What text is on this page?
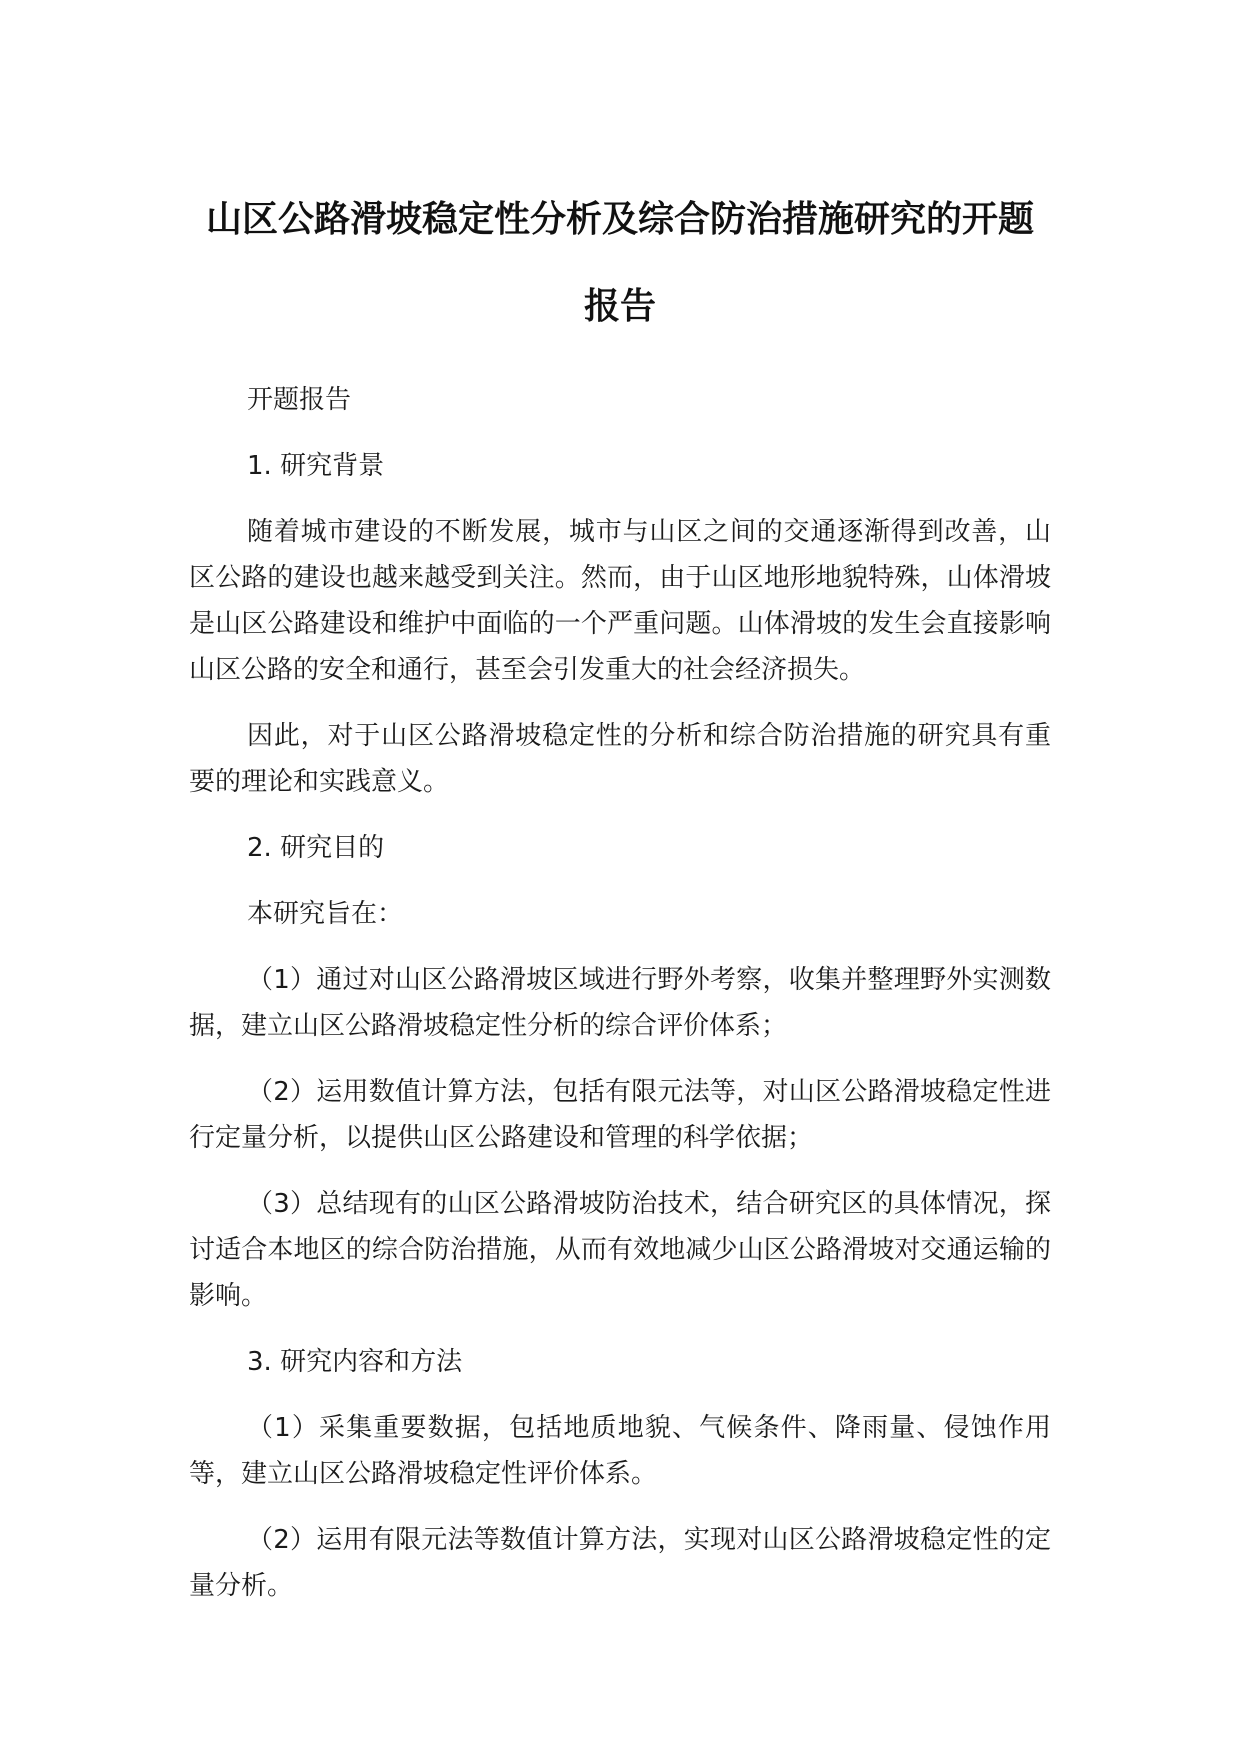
山区公路滑坡稳定性分析及综合防治措施研究的开题报告

开题报告

1. 研究背景

随着城市建设的不断发展，城市与山区之间的交通逐渐得到改善，山区公路的建设也越来越受到关注。然而，由于山区地形地貌特殊，山体滑坡是山区公路建设和维护中面临的一个严重问题。山体滑坡的发生会直接影响山区公路的安全和通行，甚至会引发重大的社会经济损失。

因此，对于山区公路滑坡稳定性的分析和综合防治措施的研究具有重要的理论和实践意义。

2. 研究目的

本研究旨在：

（1）通过对山区公路滑坡区域进行野外考察，收集并整理野外实测数据，建立山区公路滑坡稳定性分析的综合评价体系；

（2）运用数值计算方法，包括有限元法等，对山区公路滑坡稳定性进行定量分析，以提供山区公路建设和管理的科学依据；

（3）总结现有的山区公路滑坡防治技术，结合研究区的具体情况，探讨适合本地区的综合防治措施，从而有效地减少山区公路滑坡对交通运输的影响。

3. 研究内容和方法

（1）采集重要数据，包括地质地貌、气候条件、降雨量、侵蚀作用等，建立山区公路滑坡稳定性评价体系。

（2）运用有限元法等数值计算方法，实现对山区公路滑坡稳定性的定量分析。
